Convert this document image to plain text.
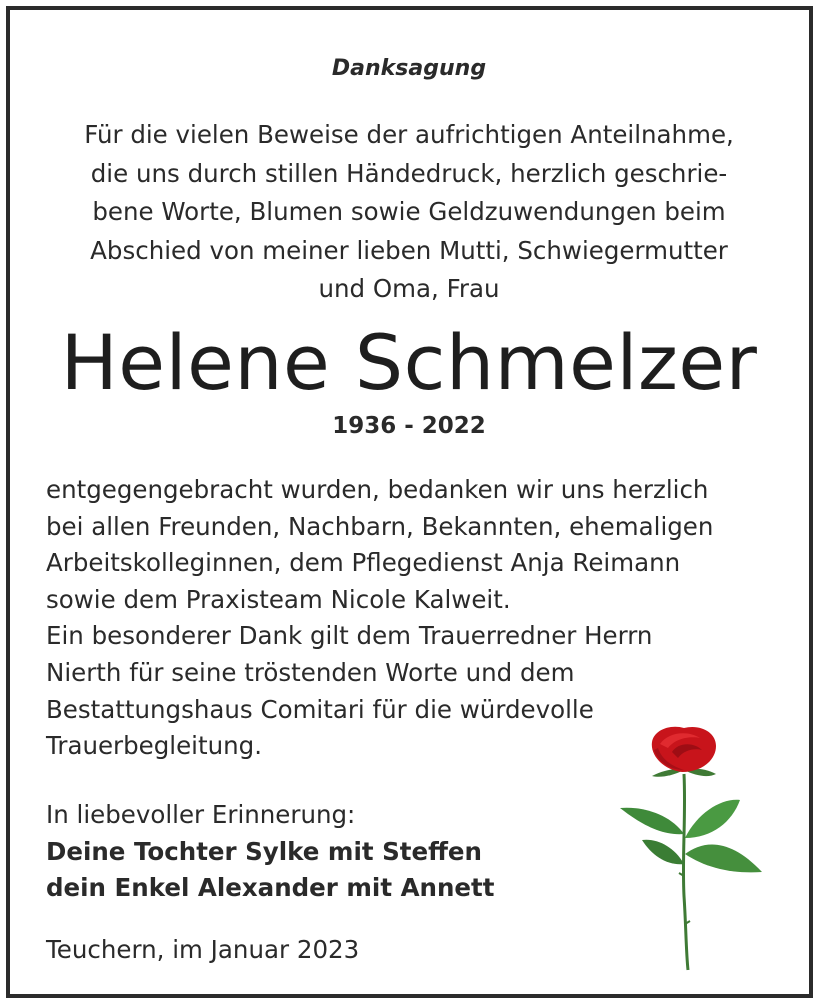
Danksagung
Für die vielen Beweise der aufrichtigen Anteilnahme,
die uns durch stillen Händedruck, herzlich geschrie-
bene Worte, Blumen sowie Geldzuwendungen beim
Abschied von meiner lieben Mutti, Schwiegermutter
und Oma, Frau
Helene Schmelzer
1936 - 2022
entgegengebracht wurden, bedanken wir uns herzlich
bei allen Freunden, Nachbarn, Bekannten, ehemaligen
Arbeitskolleginnen, dem Pflegedienst Anja Reimann
sowie dem Praxisteam Nicole Kalweit.
Ein besonderer Dank gilt dem Trauerredner Herrn
Nierth für seine tröstenden Worte und dem
Bestattungshaus Comitari für die würdevolle
Trauerbegleitung.
In liebevoller Erinnerung:
Deine Tochter Sylke mit Steffen
dein Enkel Alexander mit Annett
Teuchern, im Januar 2023
